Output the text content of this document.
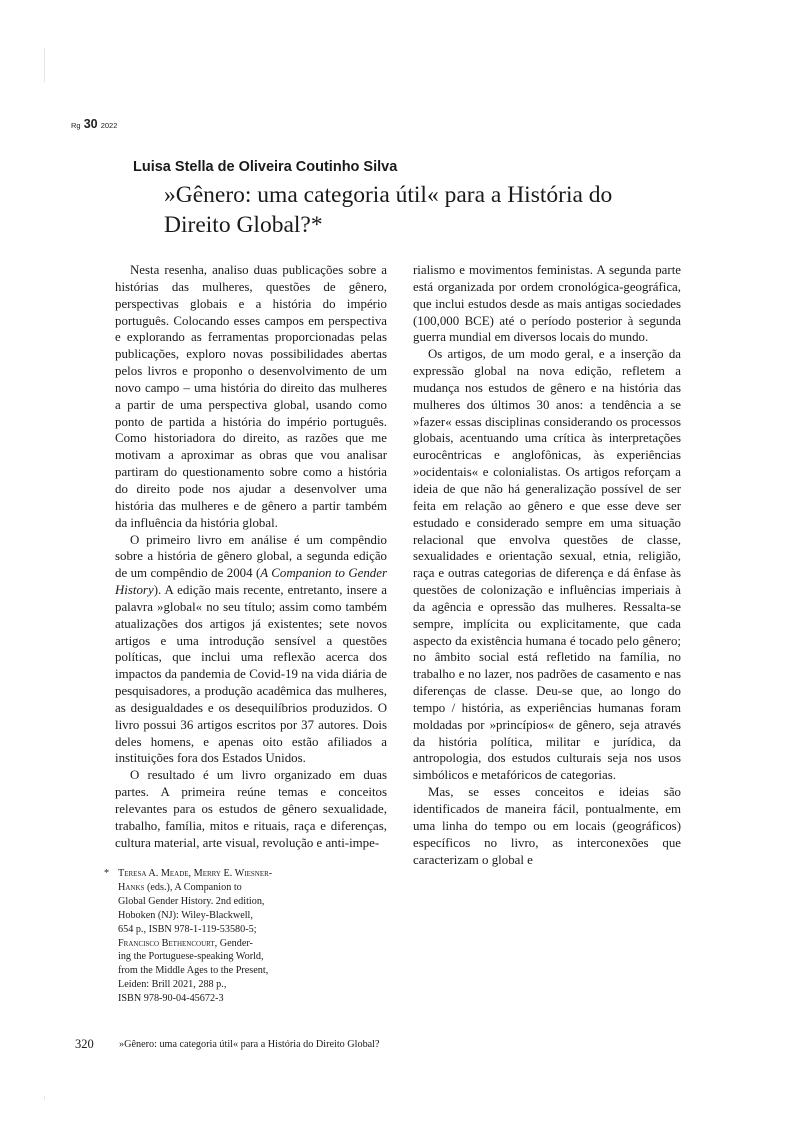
Rg 30 2022
Luisa Stella de Oliveira Coutinho Silva
»Gênero: uma categoria útil« para a História do Direito Global?*

Nesta resenha, analiso duas publicações sobre a histórias das mulheres, questões de gênero, perspectivas globais e a história do império português. Colocando esses campos em perspectiva e explorando as ferramentas proporcionadas pelas publicações, exploro novas possibilidades abertas pelos livros e proponho o desenvolvimento de um novo campo – uma história do direito das mulheres a partir de uma perspectiva global, usando como ponto de partida a história do império português. Como historiadora do direito, as razões que me motivam a aproximar as obras que vou analisar partiram do questionamento sobre como a história do direito pode nos ajudar a desenvolver uma história das mulheres e de gênero a partir também da influência da história global.

O primeiro livro em análise é um compêndio sobre a história de gênero global, a segunda edição de um compêndio de 2004 (A Companion to Gender History). A edição mais recente, entretanto, insere a palavra »global« no seu título; assim como também atualizações dos artigos já existentes; sete novos artigos e uma introdução sensível a questões políticas, que inclui uma reflexão acerca dos impactos da pandemia de Covid-19 na vida diária de pesquisadores, a produção acadêmica das mulheres, as desigualdades e os desequilíbrios produzidos. O livro possui 36 artigos escritos por 37 autores. Dois deles homens, e apenas oito estão afiliados a instituições fora dos Estados Unidos.

O resultado é um livro organizado em duas partes. A primeira reúne temas e conceitos relevantes para os estudos de gênero sexualidade, trabalho, família, mitos e rituais, raça e diferenças, cultura material, arte visual, revolução e anti-impe-

rialismo e movimentos feministas. A segunda parte está organizada por ordem cronológica-geográfica, que inclui estudos desde as mais antigas sociedades (100,000 BCE) até o período posterior à segunda guerra mundial em diversos locais do mundo.

Os artigos, de um modo geral, e a inserção da expressão global na nova edição, refletem a mudança nos estudos de gênero e na história das mulheres dos últimos 30 anos: a tendência a se »fazer« essas disciplinas considerando os processos globais, acentuando uma crítica às interpretações eurocêntricas e anglofônicas, às experiências »ocidentais« e colonialistas. Os artigos reforçam a ideia de que não há generalização possível de ser feita em relação ao gênero e que esse deve ser estudado e considerado sempre em uma situação relacional que envolva questões de classe, sexualidades e orientação sexual, etnia, religião, raça e outras categorias de diferença e dá ênfase às questões de colonização e influências imperiais à da agência e opressão das mulheres. Ressalta-se sempre, implícita ou explicitamente, que cada aspecto da existência humana é tocado pelo gênero; no âmbito social está refletido na família, no trabalho e no lazer, nos padrões de casamento e nas diferenças de classe. Deu-se que, ao longo do tempo / história, as experiências humanas foram moldadas por »princípios« de gênero, seja através da história política, militar e jurídica, da antropologia, dos estudos culturais seja nos usos simbólicos e metafóricos de categorias.

Mas, se esses conceitos e ideias são identificados de maneira fácil, pontualmente, em uma linha do tempo ou em locais (geográficos) específicos no livro, as interconexões que caracterizam o global e

* Teresa A. Meade, Merry E. Wiesner-
Hanks (eds.), A Companion to
Global Gender History. 2nd edition,
Hoboken (NJ): Wiley-Blackwell,
654 p., ISBN 978-1-119-53580-5;
Francisco Bethencourt, Gender-
ing the Portuguese-speaking World,
from the Middle Ages to the Present,
Leiden: Brill 2021, 288 p.,
ISBN 978-90-04-45672-3
320 »Gênero: uma categoria útil« para a História do Direito Global?
